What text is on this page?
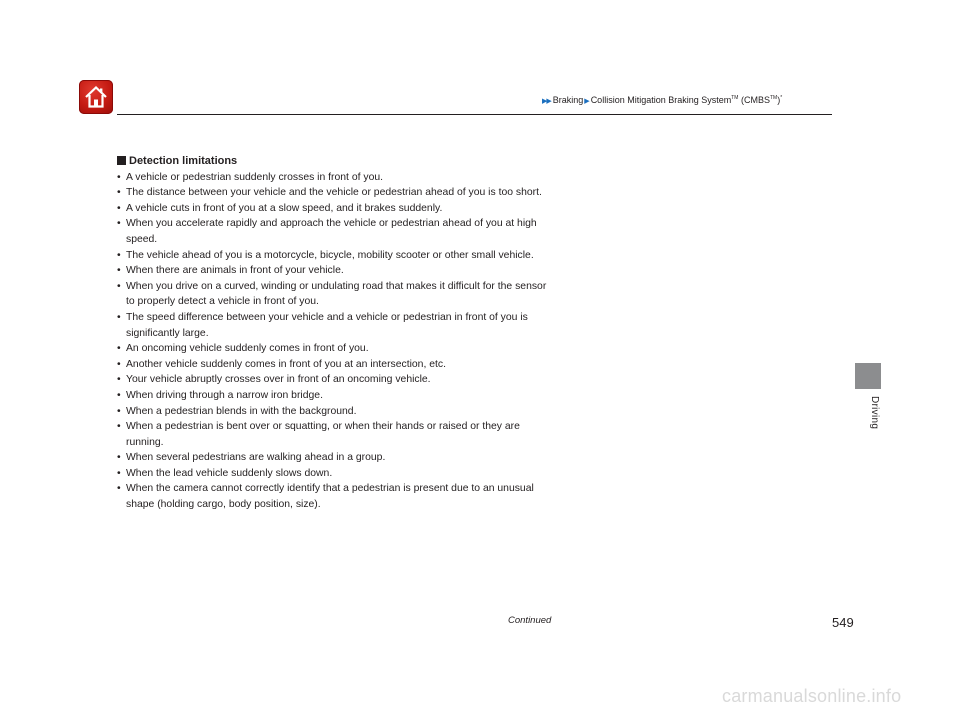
▶▶ Braking▶Collision Mitigation Braking System™ (CMBS™)*
Detection limitations
• A vehicle or pedestrian suddenly crosses in front of you.
• The distance between your vehicle and the vehicle or pedestrian ahead of you is too short.
• A vehicle cuts in front of you at a slow speed, and it brakes suddenly.
• When you accelerate rapidly and approach the vehicle or pedestrian ahead of you at high speed.
• The vehicle ahead of you is a motorcycle, bicycle, mobility scooter or other small vehicle.
• When there are animals in front of your vehicle.
• When you drive on a curved, winding or undulating road that makes it difficult for the sensor to properly detect a vehicle in front of you.
• The speed difference between your vehicle and a vehicle or pedestrian in front of you is significantly large.
• An oncoming vehicle suddenly comes in front of you.
• Another vehicle suddenly comes in front of you at an intersection, etc.
• Your vehicle abruptly crosses over in front of an oncoming vehicle.
• When driving through a narrow iron bridge.
• When a pedestrian blends in with the background.
• When a pedestrian is bent over or squatting, or when their hands or raised or they are running.
• When several pedestrians are walking ahead in a group.
• When the lead vehicle suddenly slows down.
• When the camera cannot correctly identify that a pedestrian is present due to an unusual shape (holding cargo, body position, size).
Driving
Continued	549
carmanualsonline.info
